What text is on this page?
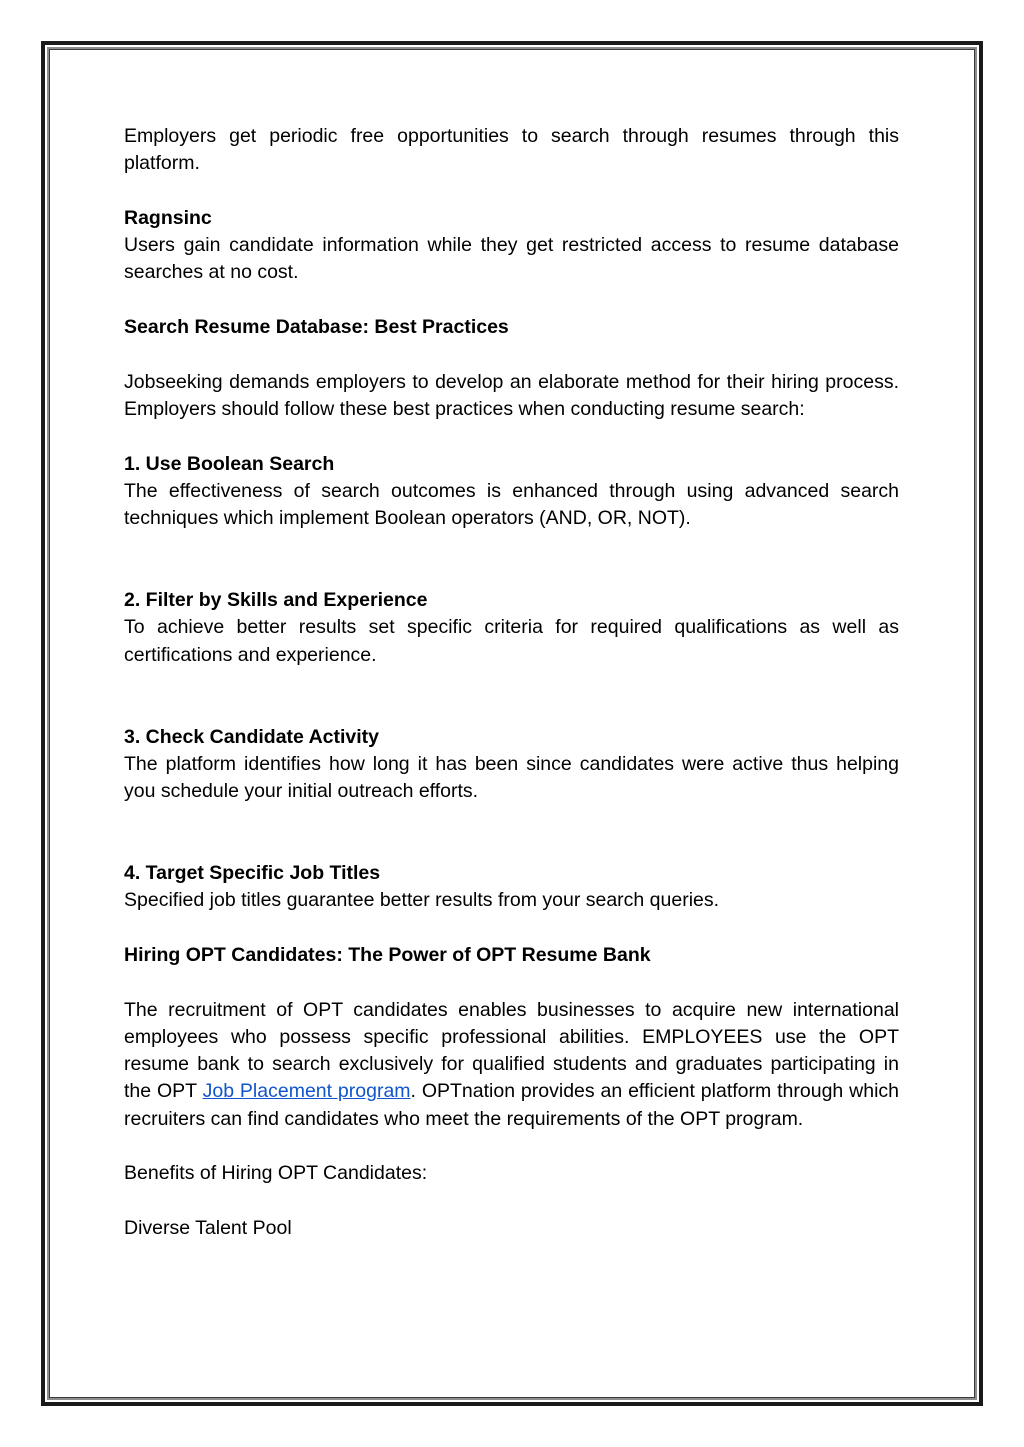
Employers get periodic free opportunities to search through resumes through this platform.

Ragnsinc

Users gain candidate information while they get restricted access to resume database searches at no cost.

Search Resume Database: Best Practices

Jobseeking demands employers to develop an elaborate method for their hiring process. Employers should follow these best practices when conducting resume search:

1. Use Boolean Search

The effectiveness of search outcomes is enhanced through using advanced search techniques which implement Boolean operators (AND, OR, NOT).

2. Filter by Skills and Experience

To achieve better results set specific criteria for required qualifications as well as certifications and experience.

3. Check Candidate Activity

The platform identifies how long it has been since candidates were active thus helping you schedule your initial outreach efforts.

4. Target Specific Job Titles

Specified job titles guarantee better results from your search queries.

Hiring OPT Candidates: The Power of OPT Resume Bank

The recruitment of OPT candidates enables businesses to acquire new international employees who possess specific professional abilities. EMPLOYEES use the OPT resume bank to search exclusively for qualified students and graduates participating in the OPT Job Placement program. OPTnation provides an efficient platform through which recruiters can find candidates who meet the requirements of the OPT program.

Benefits of Hiring OPT Candidates:

Diverse Talent Pool
